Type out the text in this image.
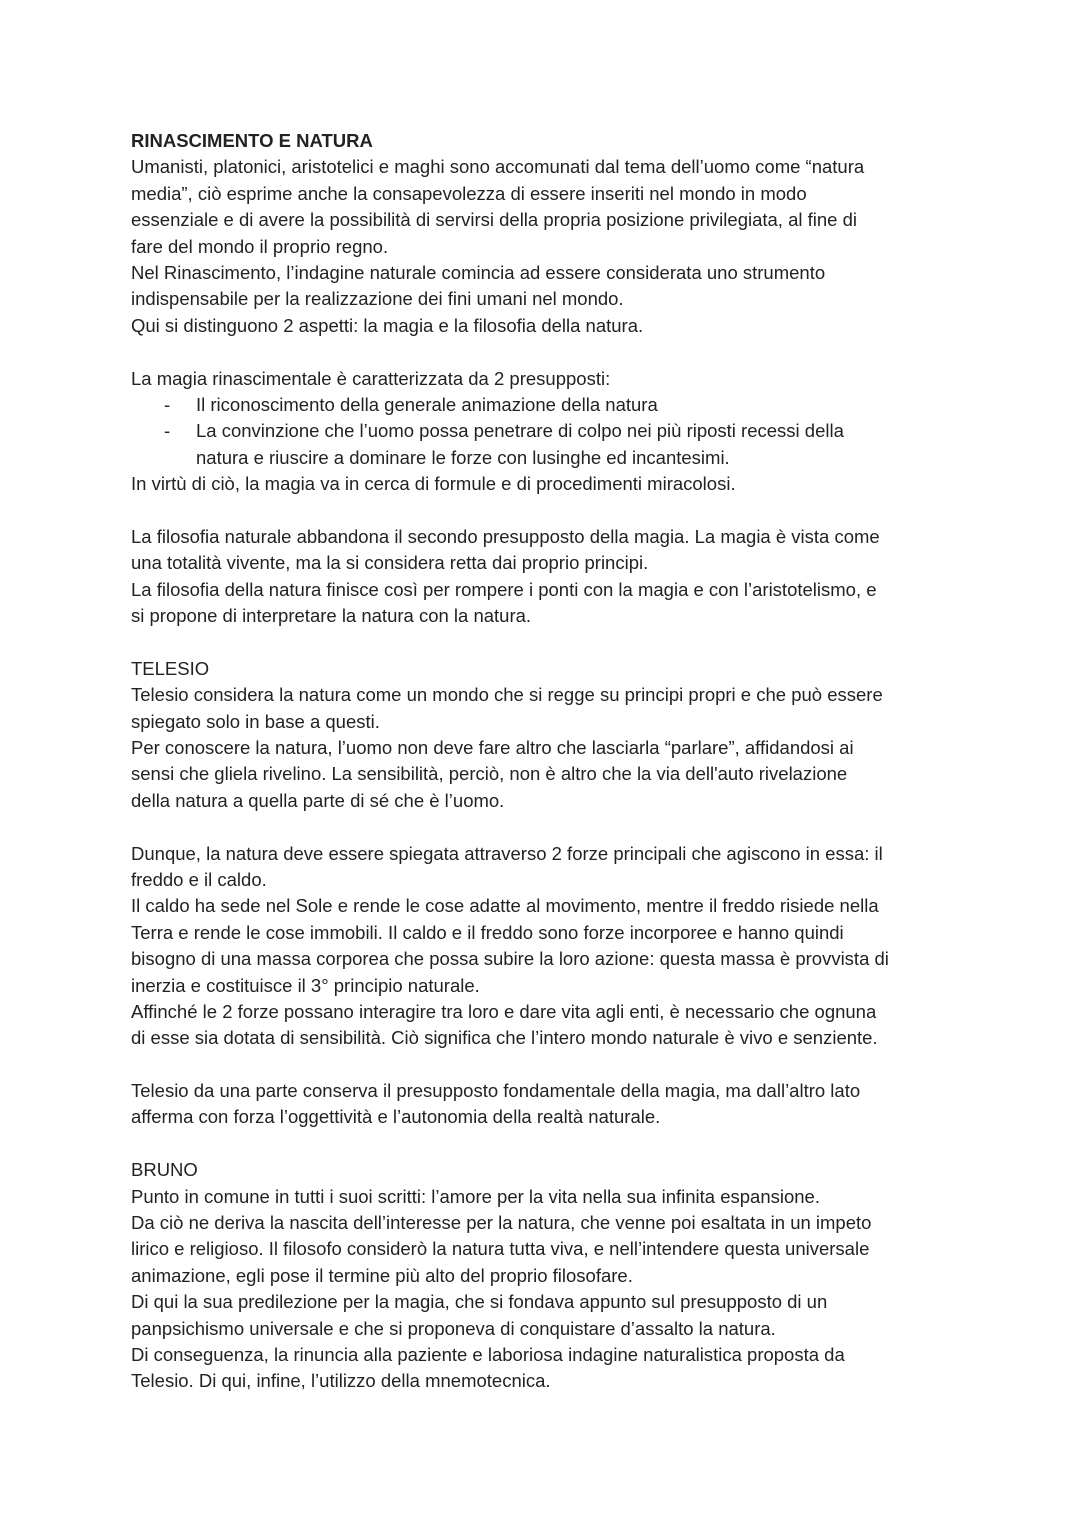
RINASCIMENTO E NATURA
Umanisti, platonici, aristotelici e maghi sono accomunati dal tema dell’uomo come “natura
media”, ciò esprime anche la consapevolezza di essere inseriti nel mondo in modo
essenziale e di avere la possibilità di servirsi della propria posizione privilegiata, al fine di
fare del mondo il proprio regno.
Nel Rinascimento, l’indagine naturale comincia ad essere considerata uno strumento
indispensabile per la realizzazione dei fini umani nel mondo.
Qui si distinguono 2 aspetti: la magia e la filosofia della natura.
La magia rinascimentale è caratterizzata da 2 presupposti:
- Il riconoscimento della generale animazione della natura
- La convinzione che l’uomo possa penetrare di colpo nei più riposti recessi della
natura e riuscire a dominare le forze con lusinghe ed incantesimi.
In virtù di ciò, la magia va in cerca di formule e di procedimenti miracolosi.
La filosofia naturale abbandona il secondo presupposto della magia. La magia è vista come
una totalità vivente, ma la si considera retta dai proprio principi.
La filosofia della natura finisce così per rompere i ponti con la magia e con l’aristotelismo, e
si propone di interpretare la natura con la natura.
TELESIO
Telesio considera la natura come un mondo che si regge su principi propri e che può essere
spiegato solo in base a questi.
Per conoscere la natura, l’uomo non deve fare altro che lasciarla “parlare”, affidandosi ai
sensi che gliela rivelino. La sensibilità, perciò, non è altro che la via dell'auto rivelazione
della natura a quella parte di sé che è l’uomo.
Dunque, la natura deve essere spiegata attraverso 2 forze principali che agiscono in essa: il
freddo e il caldo.
Il caldo ha sede nel Sole e rende le cose adatte al movimento, mentre il freddo risiede nella
Terra e rende le cose immobili. Il caldo e il freddo sono forze incorporee e hanno quindi
bisogno di una massa corporea che possa subire la loro azione: questa massa è provvista di
inerzia e costituisce il 3° principio naturale.
Affinché le 2 forze possano interagire tra loro e dare vita agli enti, è necessario che ognuna
di esse sia dotata di sensibilità. Ciò significa che l’intero mondo naturale è vivo e senziente.
Telesio da una parte conserva il presupposto fondamentale della magia, ma dall’altro lato
afferma con forza l’oggettività e l’autonomia della realtà naturale.
BRUNO
Punto in comune in tutti i suoi scritti: l’amore per la vita nella sua infinita espansione.
Da ciò ne deriva la nascita dell’interesse per la natura, che venne poi esaltata in un impeto
lirico e religioso. Il filosofo considerò la natura tutta viva, e nell’intendere questa universale
animazione, egli pose il termine più alto del proprio filosofare.
Di qui la sua predilezione per la magia, che si fondava appunto sul presupposto di un
panpsichismo universale e che si proponeva di conquistare d’assalto la natura.
Di conseguenza, la rinuncia alla paziente e laboriosa indagine naturalistica proposta da
Telesio. Di qui, infine, l’utilizzo della mnemotecnica.
